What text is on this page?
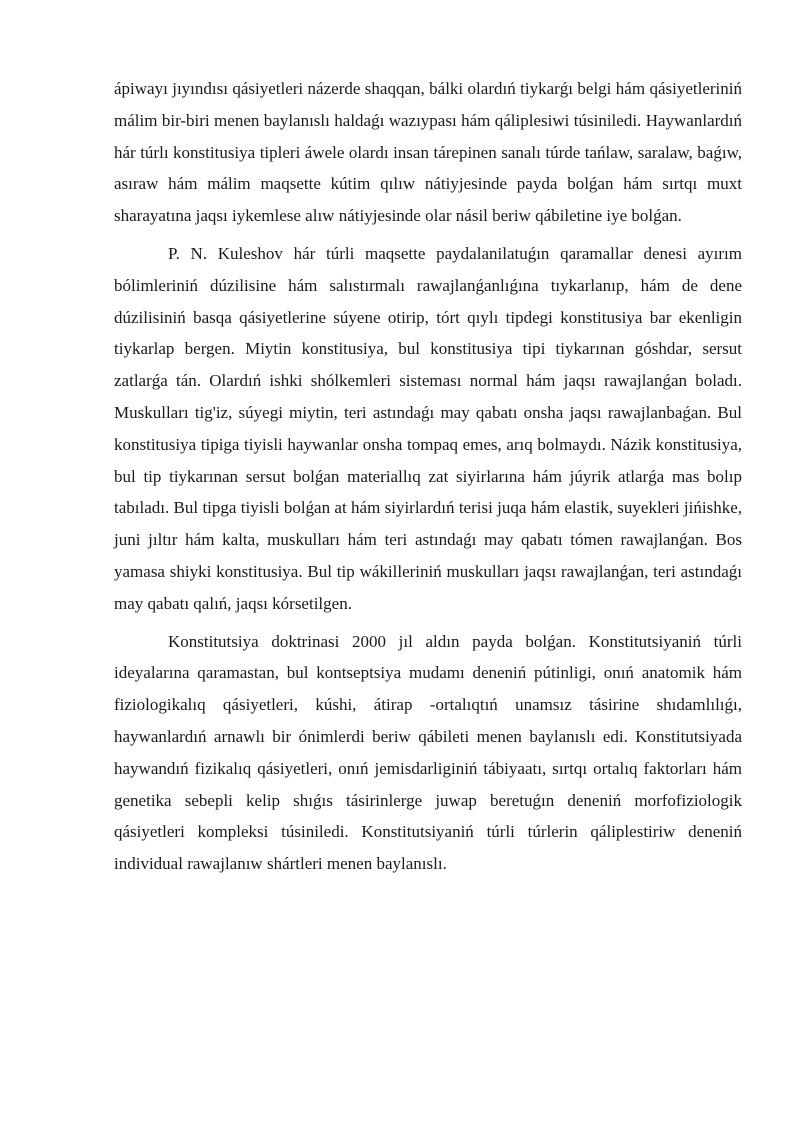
ápiwayı jıyındısı qásiyetleri názerde shaqqan, bálki olardıń tiykarǵı belgi hám qásiyetleriniń málim bir-biri menen baylanıslı haldaǵı wazıypası hám qáliplesiwi túsiniledi. Haywanlardıń hár túrlı konstitusiya tipleri áwele olardı insan tárepinen sanalı túrde tańlaw, saralaw, baǵıw, asıraw hám málim maqsette kútim qılıw nátiyjesinde payda bolǵan hám sırtqı muxt sharayatına jaqsı iykemlese alıw nátiyjesinde olar násil beriw qábiletine iye bolǵan.

P. N. Kuleshov hár túrli maqsette paydalanilatuǵın qaramallar denesi ayırım bólimleriniń dúzilisine hám salıstırmalı rawajlanǵanlıǵına tıykarlanıp, hám de dene dúzilisiniń basqa qásiyetlerine súyene otirip, tórt qıylı tipdegi konstitusiya bar ekenligin tiykarlap bergen. Miytin konstitusiya, bul konstitusiya tipi tiykarınan góshdar, sersut zatlarǵa tán. Olardıń ishki shólkemleri sisteması normal hám jaqsı rawajlanǵan boladı. Muskulları tig'iz, súyegi miytin, teri astındaǵı may qabatı onsha jaqsı rawajlanbaǵan. Bul konstitusiya tipiga tiyisli haywanlar onsha tompaq emes, arıq bolmaydı. Názik konstitusiya, bul tip tiykarınan sersut bolǵan materiallıq zat siyirlarına hám júyrik atlarǵa mas bolıp tabıladı. Bul tipga tiyisli bolǵan at hám siyirlardıń terisi juqa hám elastik, suyekleri jińishke, juni jıltır hám kalta, muskulları hám teri astındaǵı may qabatı tómen rawajlanǵan. Bos yamasa shiyki konstitusiya. Bul tip wákilleriniń muskulları jaqsı rawajlanǵan, teri astındaǵı may qabatı qalıń, jaqsı kórsetilgen.

Konstitutsiya doktrinasi 2000 jıl aldın payda bolǵan. Konstitutsiyaniń túrli ideyalarına qaramastan, bul kontseptsiya mudamı deneniń pútinligi, onıń anatomik hám fiziologikalıq qásiyetleri, kúshi, átirap -ortalıqtıń unamsız tásirine shıdamlılıǵı, haywanlardıń arnawlı bir ónimlerdi beriw qábileti menen baylanıslı edi. Konstitutsiyada haywandıń fizikalıq qásiyetleri, onıń jemisdarliginiń tábiyaatı, sırtqı ortalıq faktorları hám genetika sebepli kelip shıǵıs tásirinlerge juwap beretuǵın deneniń morfofiziologik qásiyetleri kompleksi túsiniledi. Konstitutsiyaniń túrli túrlerin qáliplestiriw deneniń individual rawajlanıw shártleri menen baylanıslı.
